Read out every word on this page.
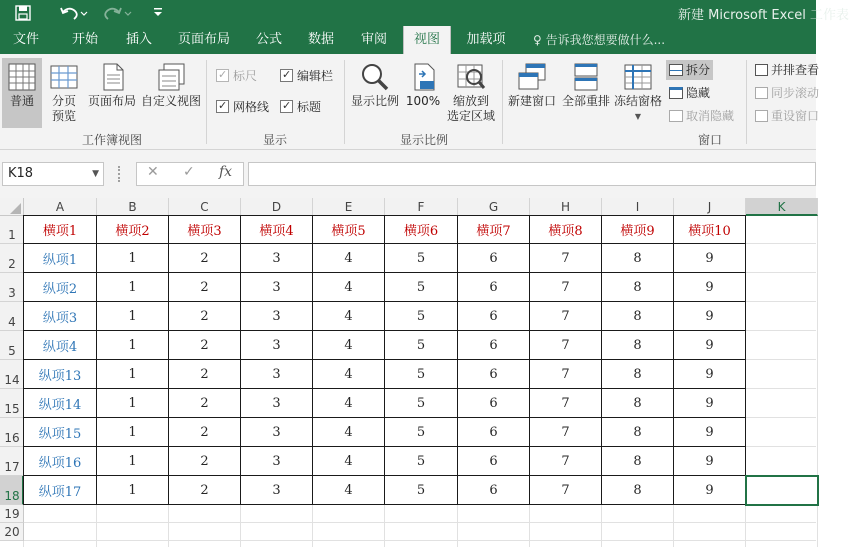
新建 Microsoft Excel 工作表
文件	开始	插入	页面布局	公式	数据	审阅	视图	加载项	♀ 告诉我您想要做什么...
普通	分页
预览
页面布局 自定义视图
工作簿视图
✓标尺 ✓	编辑栏
✓网格线 ✓	标题
显示
显示比例 100%	缩放到
选定区域
显示比例
新建窗口 全部重排 冻结窗格
▼
拆分
隐藏
取消隐藏
并排查看
同步滚动
重设窗口
窗口
K18	▼	✕ ✓ fx
A	B	C	D	E	F	G	H	I	J	K
1
2
3
4
5
14
15
16
17
18
19
20
横项1	横项2	横项3	横项4	横项5	横项6	横项7	横项8	横项9	横项10
纵项1	1	2	3	4	5	6	7	8	9
纵项2	1	2	3	4	5	6	7	8	9
纵项3	1	2	3	4	5	6	7	8	9
纵项4	1	2	3	4	5	6	7	8	9
纵项13	1	2	3	4	5	6	7	8	9
纵项14	1	2	3	4	5	6	7	8	9
纵项15	1	2	3	4	5	6	7	8	9
纵项16	1	2	3	4	5	6	7	8	9
纵项17	1	2	3	4	5	6	7	8	9
